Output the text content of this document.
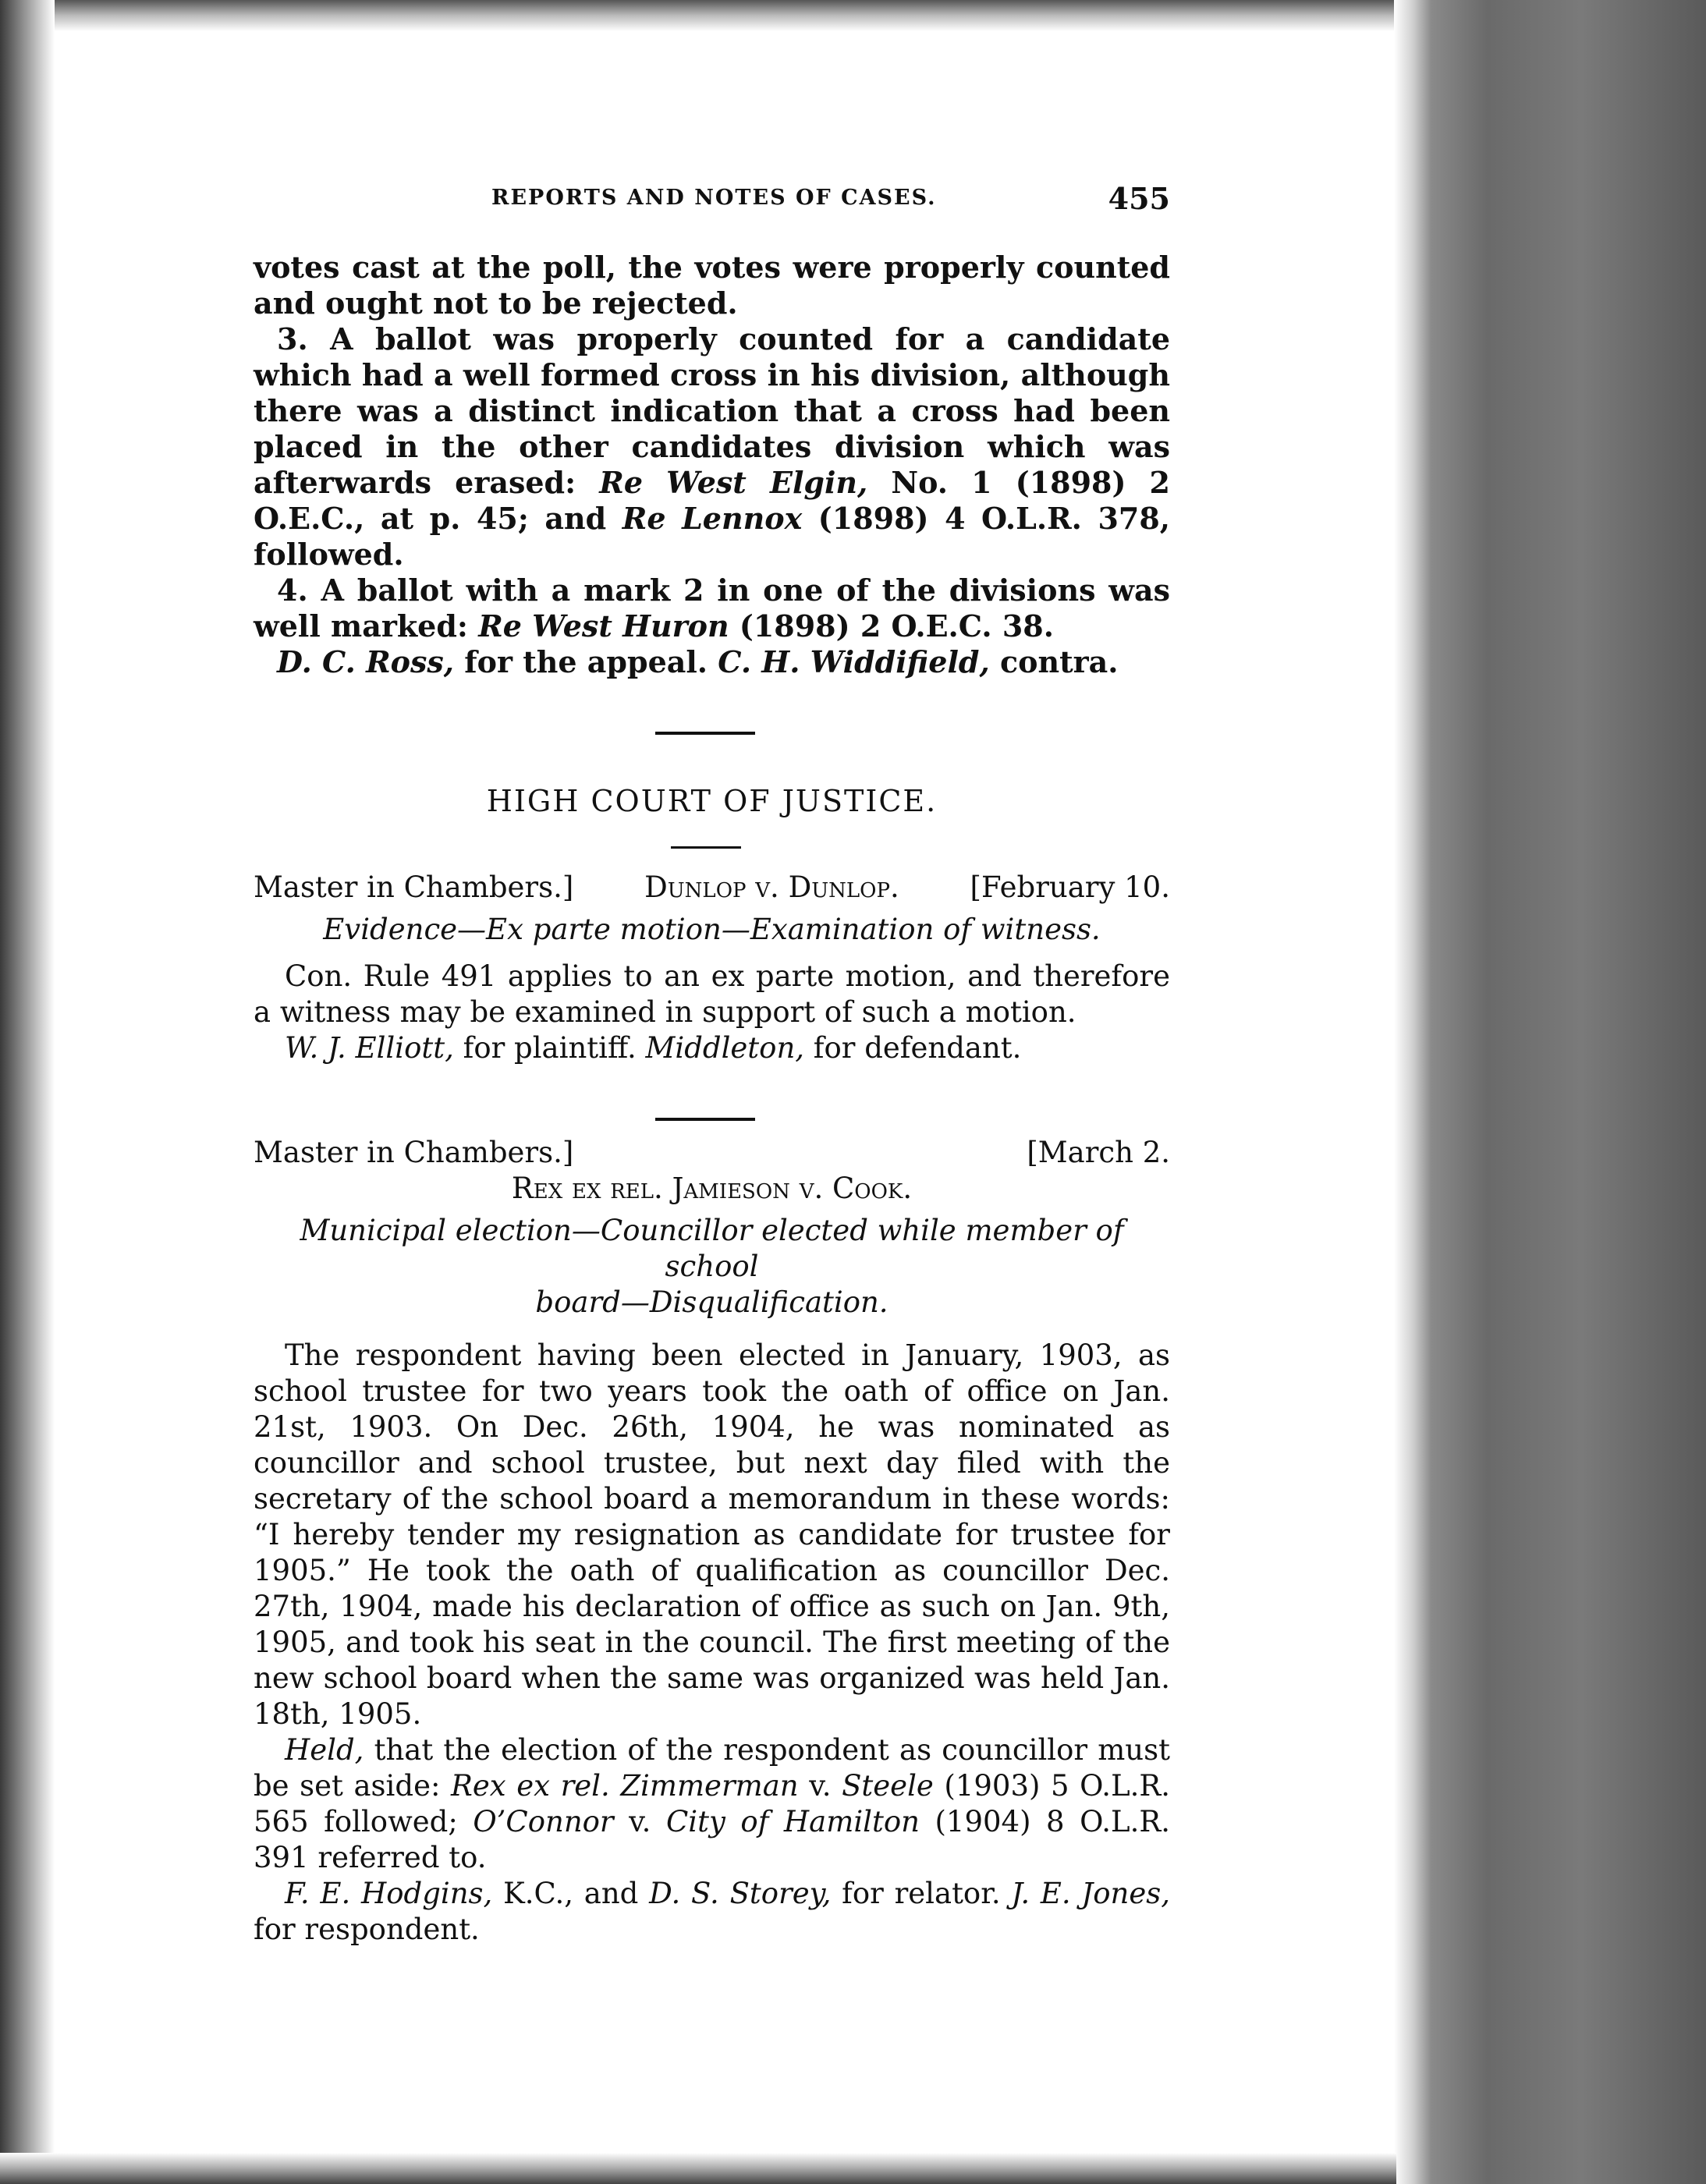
REPORTS AND NOTES OF CASES.	455

votes cast at the poll, the votes were properly counted and ought not to be rejected.

3. A ballot was properly counted for a candidate which had a well formed cross in his division, although there was a distinct indication that a cross had been placed in the other candidates division which was afterwards erased: Re West Elgin, No. 1 (1898) 2 O.E.C., at p. 45; and Re Lennox (1898) 4 O.L.R. 378, followed.

4. A ballot with a mark 2 in one of the divisions was well marked: Re West Huron (1898) 2 O.E.C. 38.

D. C. Ross, for the appeal. C. H. Widdifield, contra.

HIGH COURT OF JUSTICE.

Master in Chambers.] Dunlop v. Dunlop. [February 10.

Evidence—Ex parte motion—Examination of witness.

Con. Rule 491 applies to an ex parte motion, and therefore a witness may be examined in support of such a motion.

W. J. Elliott, for plaintiff. Middleton, for defendant.

Master in Chambers.]	[March 2.

Rex ex rel. Jamieson v. Cook.

Municipal election—Councillor elected while member of school
board—Disqualification.

The respondent having been elected in January, 1903, as school trustee for two years took the oath of office on Jan. 21st, 1903. On Dec. 26th, 1904, he was nominated as councillor and school trustee, but next day filed with the secretary of the school board a memorandum in these words: “I hereby tender my resignation as candidate for trustee for 1905.” He took the oath of qualification as councillor Dec. 27th, 1904, made his declaration of office as such on Jan. 9th, 1905, and took his seat in the council. The first meeting of the new school board when the same was organized was held Jan. 18th, 1905.

Held, that the election of the respondent as councillor must be set aside: Rex ex rel. Zimmerman v. Steele (1903) 5 O.L.R. 565 followed; O’Connor v. City of Hamilton (1904) 8 O.L.R. 391 referred to.

F. E. Hodgins, K.C., and D. S. Storey, for relator. J. E. Jones, for respondent.
